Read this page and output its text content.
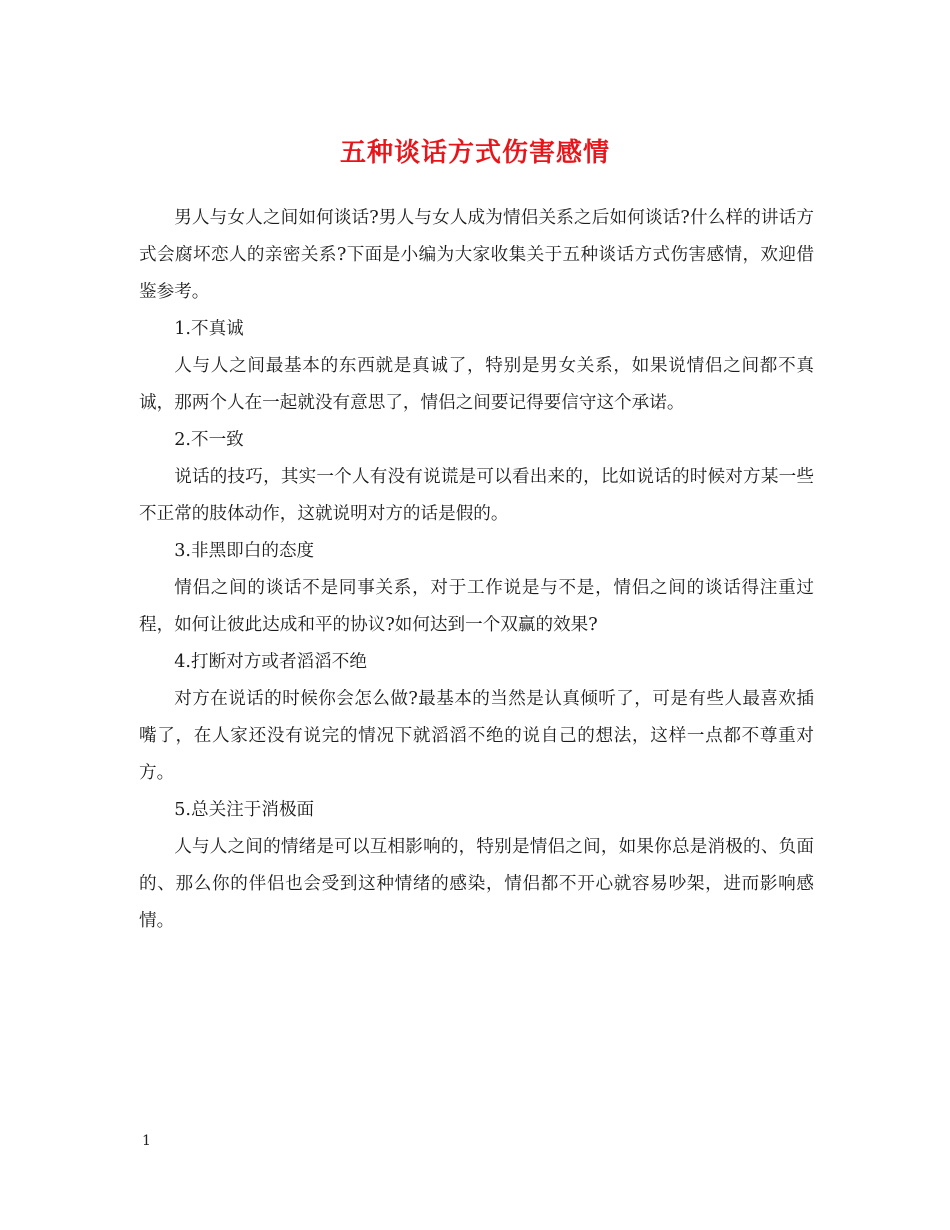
五种谈话方式伤害感情

男人与女人之间如何谈话?男人与女人成为情侣关系之后如何谈话?什么样的讲话方式会腐坏恋人的亲密关系?下面是小编为大家收集关于五种谈话方式伤害感情，欢迎借鉴参考。

1.不真诚

人与人之间最基本的东西就是真诚了，特别是男女关系，如果说情侣之间都不真诚，那两个人在一起就没有意思了，情侣之间要记得要信守这个承诺。

2.不一致

说话的技巧，其实一个人有没有说谎是可以看出来的，比如说话的时候对方某一些不正常的肢体动作，这就说明对方的话是假的。

3.非黑即白的态度

情侣之间的谈话不是同事关系，对于工作说是与不是，情侣之间的谈话得注重过程，如何让彼此达成和平的协议?如何达到一个双赢的效果?

4.打断对方或者滔滔不绝

对方在说话的时候你会怎么做?最基本的当然是认真倾听了，可是有些人最喜欢插嘴了，在人家还没有说完的情况下就滔滔不绝的说自己的想法，这样一点都不尊重对方。

5.总关注于消极面

人与人之间的情绪是可以互相影响的，特别是情侣之间，如果你总是消极的、负面的、那么你的伴侣也会受到这种情绪的感染，情侣都不开心就容易吵架，进而影响感情。

1
